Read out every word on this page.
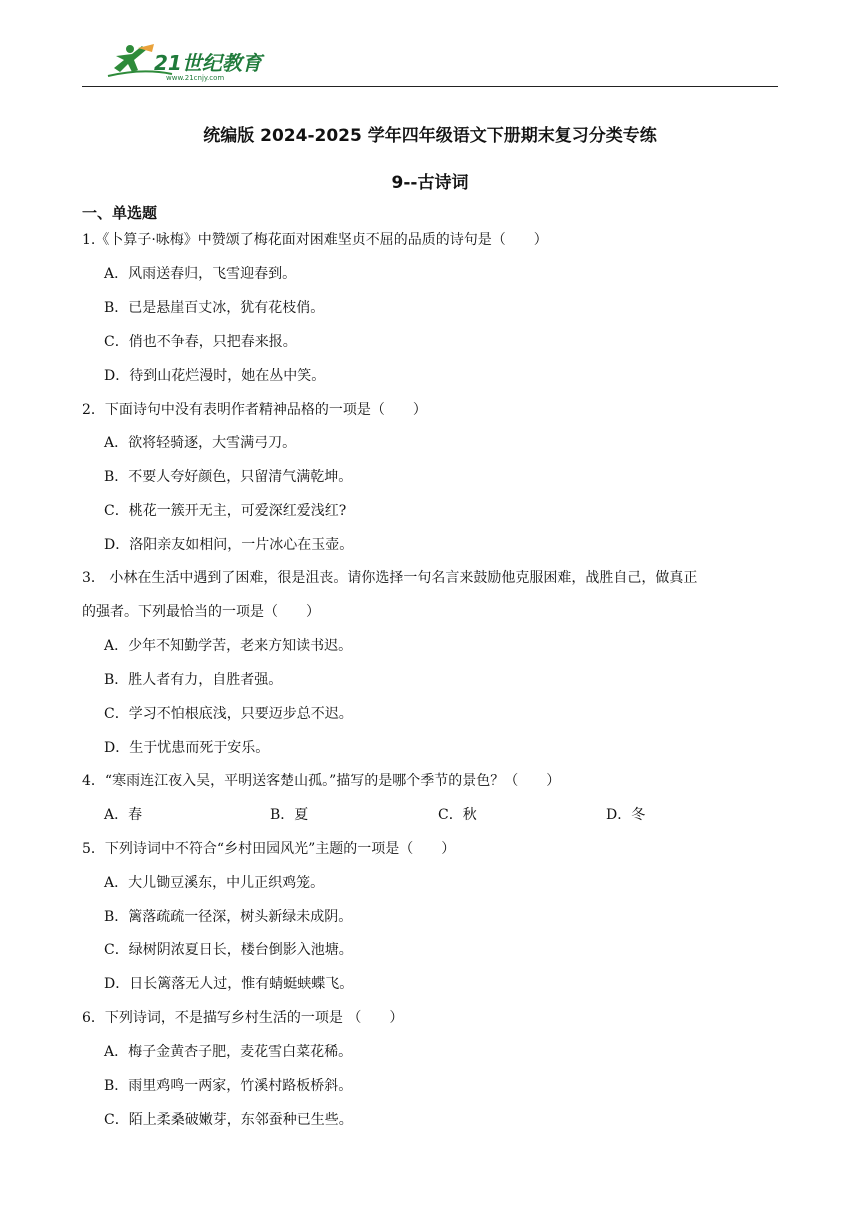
21世纪教育
www.21cnjy.com
统编版 2024-2025 学年四年级语文下册期末复习分类专练
9--古诗词
一、单选题
1.《卜算子·咏梅》中赞颂了梅花面对困难坚贞不屈的品质的诗句是（　　）
A．风雨送春归，飞雪迎春到。
B．已是悬崖百丈冰，犹有花枝俏。
C．俏也不争春，只把春来报。
D．待到山花烂漫时，她在丛中笑。
2．下面诗句中没有表明作者精神品格的一项是（　　）
A．欲将轻骑逐，大雪满弓刀。
B．不要人夸好颜色，只留清气满乾坤。
C．桃花一簇开无主，可爱深红爱浅红?
D．洛阳亲友如相问，一片冰心在玉壶。
3． 小林在生活中遇到了困难，很是沮丧。请你选择一句名言来鼓励他克服困难，战胜自己，做真正
的强者。下列最恰当的一项是（　　）
A．少年不知勤学苦，老来方知读书迟。
B．胜人者有力，自胜者强。
C．学习不怕根底浅，只要迈步总不迟。
D．生于忧患而死于安乐。
4．“寒雨连江夜入吴，平明送客楚山孤。”描写的是哪个季节的景色？（　　）
A．春	B．夏	C．秋	D．冬
5．下列诗词中不符合“乡村田园风光”主题的一项是（　　）
A．大儿锄豆溪东，中儿正织鸡笼。
B．篱落疏疏一径深，树头新绿未成阴。
C．绿树阴浓夏日长，楼台倒影入池塘。
D．日长篱落无人过，惟有蜻蜓蛱蝶飞。
6．下列诗词，不是描写乡村生活的一项是 （　　）
A．梅子金黄杏子肥，麦花雪白菜花稀。
B．雨里鸡鸣一两家，竹溪村路板桥斜。
C．陌上柔桑破嫩芽，东邻蚕种已生些。
